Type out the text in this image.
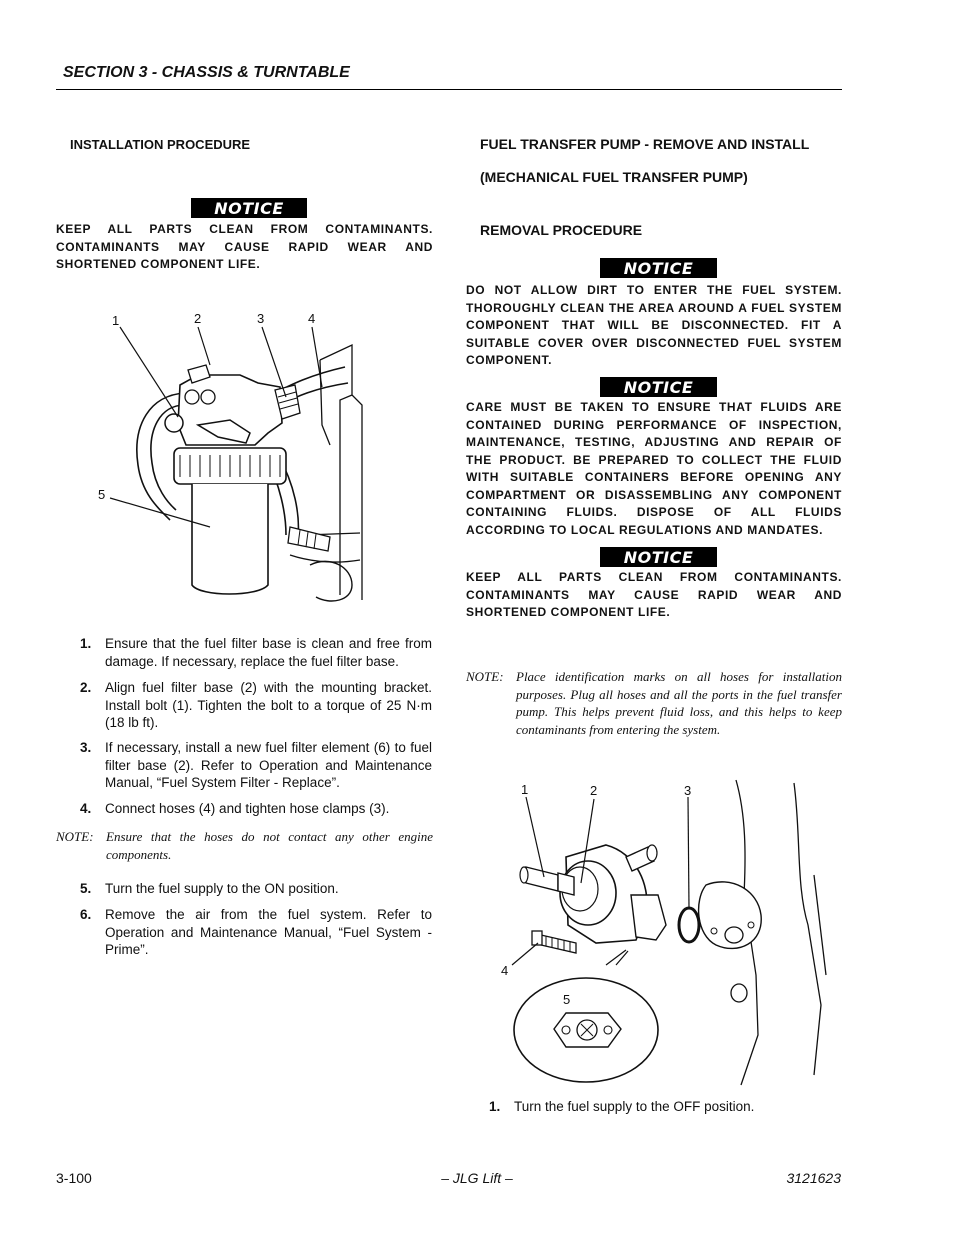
SECTION 3 - CHASSIS & TURNTABLE
INSTALLATION PROCEDURE
NOTICE
KEEP ALL PARTS CLEAN FROM CONTAMINANTS. CONTAMINANTS MAY CAUSE RAPID WEAR AND SHORTENED COMPONENT LIFE.
1	2	3	4
5
1.	Ensure that the fuel filter base is clean and free from damage. If necessary, replace the fuel filter base.
2.	Align fuel filter base (2) with the mounting bracket. Install bolt (1). Tighten the bolt to a torque of 25 N·m (18 lb ft).
3.	If necessary, install a new fuel filter element (6) to fuel filter base (2). Refer to Operation and Maintenance Manual, “Fuel System Filter - Replace”.
4.	Connect hoses (4) and tighten hose clamps (3).
NOTE: Ensure that the hoses do not contact any other engine components.
5.	Turn the fuel supply to the ON position.
6.	Remove the air from the fuel system. Refer to Operation and Maintenance Manual, “Fuel System - Prime”.
FUEL TRANSFER PUMP - REMOVE AND INSTALL
(MECHANICAL FUEL TRANSFER PUMP)
REMOVAL PROCEDURE
NOTICE
DO NOT ALLOW DIRT TO ENTER THE FUEL SYSTEM. THOROUGHLY CLEAN THE AREA AROUND A FUEL SYSTEM COMPONENT THAT WILL BE DISCONNECTED. FIT A SUITABLE COVER OVER DISCONNECTED FUEL SYSTEM COMPONENT.
NOTICE
CARE MUST BE TAKEN TO ENSURE THAT FLUIDS ARE CONTAINED DURING PERFORMANCE OF INSPECTION, MAINTENANCE, TESTING, ADJUSTING AND REPAIR OF THE PRODUCT. BE PREPARED TO COLLECT THE FLUID WITH SUITABLE CONTAINERS BEFORE OPENING ANY COMPARTMENT OR DISASSEMBLING ANY COMPONENT CONTAINING FLUIDS. DISPOSE OF ALL FLUIDS ACCORDING TO LOCAL REGULATIONS AND MANDATES.
NOTICE
KEEP ALL PARTS CLEAN FROM CONTAMINANTS. CONTAMINANTS MAY CAUSE RAPID WEAR AND SHORTENED COMPONENT LIFE.
NOTE: Place identification marks on all hoses for installation purposes. Plug all hoses and all the ports in the fuel transfer pump. This helps prevent fluid loss, and this helps to keep contaminants from entering the system.
1	2	3
4
5
1.	Turn the fuel supply to the OFF position.
3-100	– JLG Lift –	3121623
